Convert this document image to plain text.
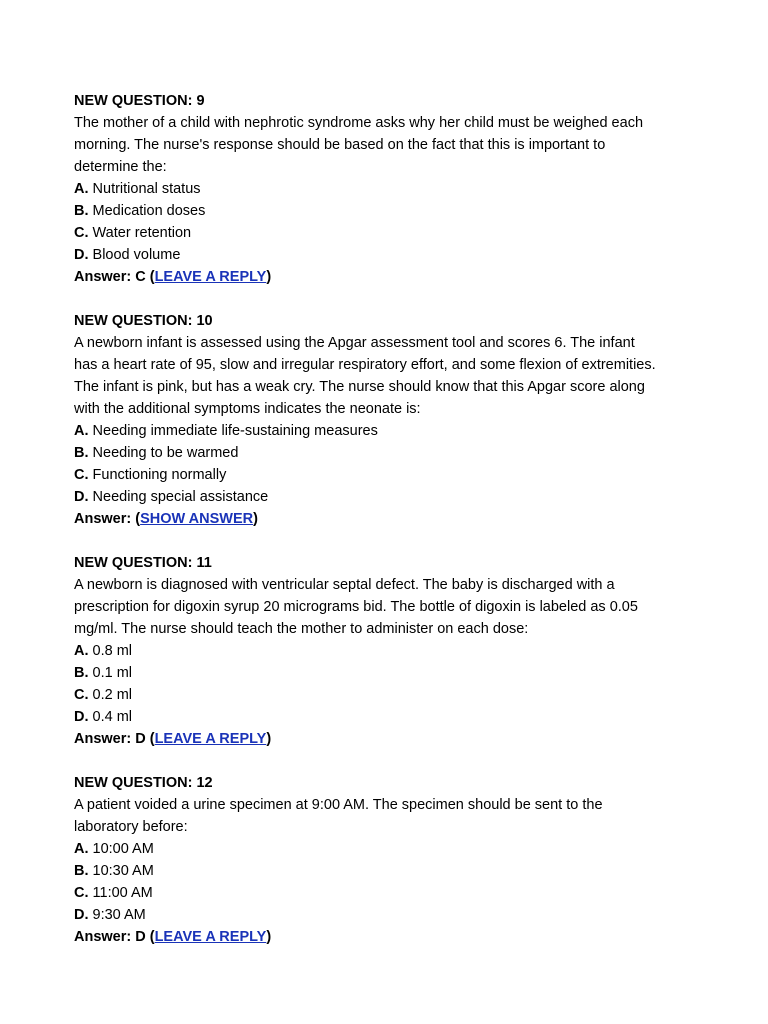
NEW QUESTION: 9
The mother of a child with nephrotic syndrome asks why her child must be weighed each
morning. The nurse's response should be based on the fact that this is important to
determine the:
A. Nutritional status
B. Medication doses
C. Water retention
D. Blood volume
Answer: C (LEAVE A REPLY)
NEW QUESTION: 10
A newborn infant is assessed using the Apgar assessment tool and scores 6. The infant
has a heart rate of 95, slow and irregular respiratory effort, and some flexion of extremities.
The infant is pink, but has a weak cry. The nurse should know that this Apgar score along
with the additional symptoms indicates the neonate is:
A. Needing immediate life-sustaining measures
B. Needing to be warmed
C. Functioning normally
D. Needing special assistance
Answer: (SHOW ANSWER)
NEW QUESTION: 11
A newborn is diagnosed with ventricular septal defect. The baby is discharged with a
prescription for digoxin syrup 20 micrograms bid. The bottle of digoxin is labeled as 0.05
mg/ml. The nurse should teach the mother to administer on each dose:
A. 0.8 ml
B. 0.1 ml
C. 0.2 ml
D. 0.4 ml
Answer: D (LEAVE A REPLY)
NEW QUESTION: 12
A patient voided a urine specimen at 9:00 AM. The specimen should be sent to the
laboratory before:
A. 10:00 AM
B. 10:30 AM
C. 11:00 AM
D. 9:30 AM
Answer: D (LEAVE A REPLY)
